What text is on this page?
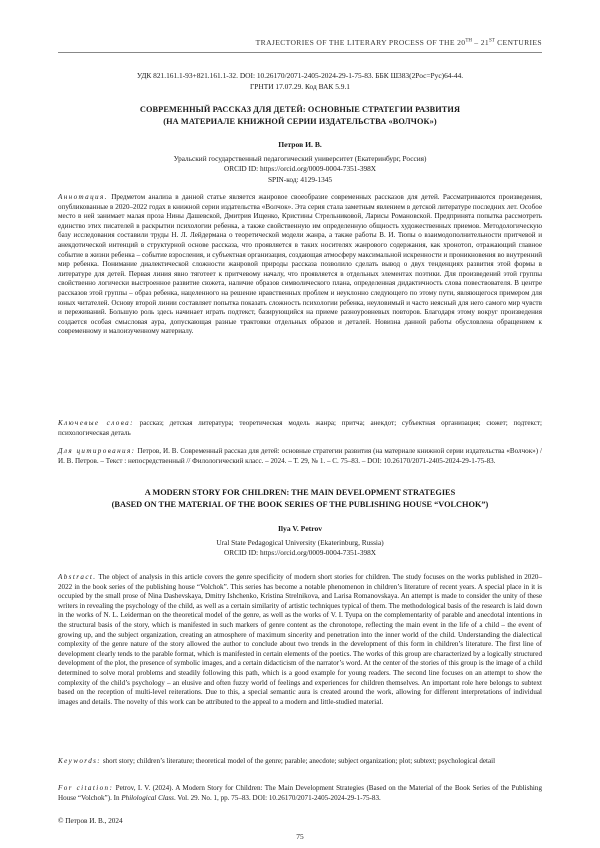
TRAJECTORIES OF THE LITERARY PROCESS OF THE 20TH – 21ST CENTURIES
УДК 821.161.1-93+821.161.1-32. DOI: 10.26170/2071-2405-2024-29-1-75-83. ББК Ш383(2Рос=Рус)64-44.
ГРНТИ 17.07.29. Код ВАК 5.9.1
СОВРЕМЕННЫЙ РАССКАЗ ДЛЯ ДЕТЕЙ: ОСНОВНЫЕ СТРАТЕГИИ РАЗВИТИЯ
(НА МАТЕРИАЛЕ КНИЖНОЙ СЕРИИ ИЗДАТЕЛЬСТВА «ВОЛЧОК»)
Петров И. В.
Уральский государственный педагогический университет (Екатеринбург, Россия)
ORCID ID: https://orcid.org/0009-0004-7351-398X
SPIN-код: 4129-1345
Аннотация. Предметом анализа в данной статье является жанровое своеобразие современных рассказов для детей. Рассматриваются произведения, опубликованные в 2020–2022 годах в книжной серии издательства «Волчок». Эта серия стала заметным явлением в детской литературе последних лет. Особое место в ней занимает малая проза Нины Дашевской, Дмитрия Ищенко, Кристины Стрельниковой, Ларисы Романовской. Предпринята попытка рассмотреть единство этих писателей в раскрытии психологии ребенка, а также свойственную им определенную общность художественных приемов. Методологическую базу исследования составили труды Н. Л. Лейдермана о теоретической модели жанра, а также работы В. И. Тюпы о взаимодополнительности притчевой и анекдотической интенций в структурной основе рассказа, что проявляется в таких носителях жанрового содержания, как хронотоп, отражающий главное событие в жизни ребенка – событие взросления, и субъектная организация, создающая атмосферу максимальной искренности и проникновения во внутренний мир ребенка. Понимание диалектической сложности жанровой природы рассказа позволило сделать вывод о двух тенденциях развития этой формы в литературе для детей. Первая линия явно тяготеет к притчевому началу, что проявляется в отдельных элементах поэтики. Для произведений этой группы свойственно логически выстроенное развитие сюжета, наличие образов символического плана, определенная дидактичность слова повествователя. В центре рассказов этой группы – образ ребенка, нацеленного на решение нравственных проблем и неуклонно следующего по этому пути, являющегося примером для юных читателей. Основу второй линии составляет попытка показать сложность психологии ребенка, неуловимый и часто неясный для него самого мир чувств и переживаний. Большую роль здесь начинает играть подтекст, базирующийся на приеме разноуровневых повторов. Благодаря этому вокруг произведения создается особая смысловая аура, допускающая разные трактовки отдельных образов и деталей. Новизна данной работы обусловлена обращением к современному и малоизученному материалу.
Ключевые слова: рассказ; детская литература; теоретическая модель жанра; притча; анекдот; субъектная организация; сюжет; подтекст; психологическая деталь
Для цитирования: Петров, И. В. Современный рассказ для детей: основные стратегии развития (на материале книжной серии издательства «Волчок») / И. В. Петров. – Текст : непосредственный // Филологический класс. – 2024. – Т. 29, № 1. – С. 75–83. – DOI: 10.26170/2071-2405-2024-29-1-75-83.
A MODERN STORY FOR CHILDREN: THE MAIN DEVELOPMENT STRATEGIES
(BASED ON THE MATERIAL OF THE BOOK SERIES OF THE PUBLISHING HOUSE “VOLCHOK”)
Ilya V. Petrov
Ural State Pedagogical University (Ekaterinburg, Russia)
ORCID ID: https://orcid.org/0009-0004-7351-398X
Abstract. The object of analysis in this article covers the genre specificity of modern short stories for children. The study focuses on the works published in 2020–2022 in the book series of the publishing house “Volchok”. This series has become a notable phenomenon in children’s literature of recent years. A special place in it is occupied by the small prose of Nina Dashevskaya, Dmitry Ishchenko, Kristina Strelnikova, and Larisa Romanovskaya. An attempt is made to consider the unity of these writers in revealing the psychology of the child, as well as a certain similarity of artistic techniques typical of them. The methodological basis of the research is laid down in the works of N. L. Leiderman on the theoretical model of the genre, as well as the works of V. I. Tyupa on the complementarity of parable and anecdotal intentions in the structural basis of the story, which is manifested in such markers of genre content as the chronotope, reflecting the main event in the life of a child – the event of growing up, and the subject organization, creating an atmosphere of maximum sincerity and penetration into the inner world of the child. Understanding the dialectical complexity of the genre nature of the story allowed the author to conclude about two trends in the development of this form in children’s literature. The first line of development clearly tends to the parable format, which is manifested in certain elements of the poetics. The works of this group are characterized by a logically structured development of the plot, the presence of symbolic images, and a certain didacticism of the narrator’s word. At the center of the stories of this group is the image of a child determined to solve moral problems and steadily following this path, which is a good example for young readers. The second line focuses on an attempt to show the complexity of the child’s psychology – an elusive and often fuzzy world of feelings and experiences for children themselves. An important role here belongs to subtext based on the reception of multi-level reiterations. Due to this, a special semantic aura is created around the work, allowing for different interpretations of individual images and details. The novelty of this work can be attributed to the appeal to a modern and little-studied material.
Keywords: short story; children’s literature; theoretical model of the genre; parable; anecdote; subject organization; plot; subtext; psychological detail
For citation: Petrov, I. V. (2024). A Modern Story for Children: The Main Development Strategies (Based on the Material of the Book Series of the Publishing House “Volchok”). In Philological Class. Vol. 29. No. 1, pp. 75–83. DOI: 10.26170/2071-2405-2024-29-1-75-83.
© Петров И. В., 2024
75
